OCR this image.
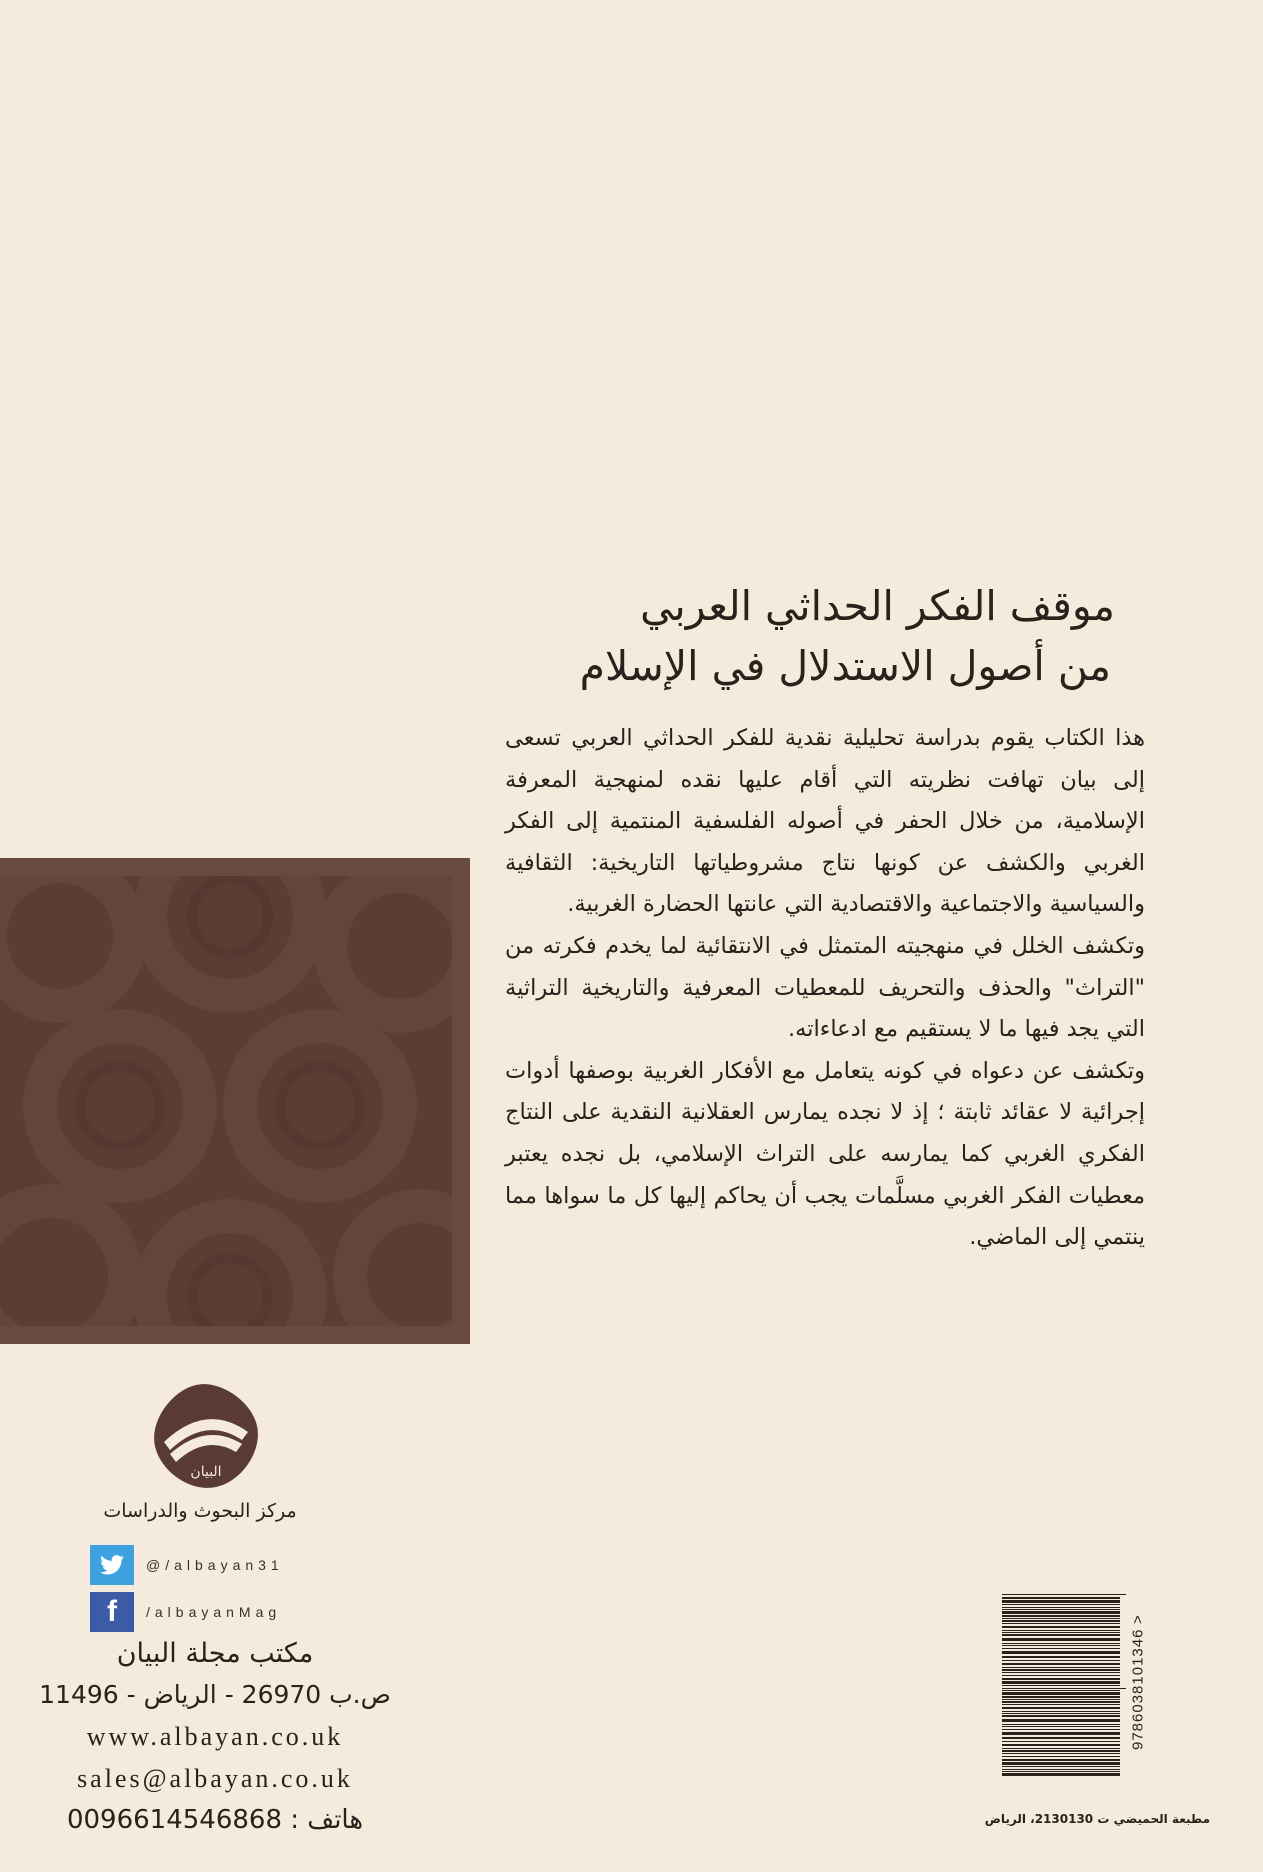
موقف الفكر الحداثي العربي
من أصول الاستدلال في الإسلام

هذا الكتاب يقوم بدراسة تحليلية نقدية للفكر الحداثي العربي تسعى إلى بيان تهافت نظريته التي أقام عليها نقده لمنهجية المعرفة الإسلامية، من خلال الحفر في أصوله الفلسفية المنتمية إلى الفكر الغربي والكشف عن كونها نتاج مشروطياتها التاريخية: الثقافية والسياسية والاجتماعية والاقتصادية التي عانتها الحضارة الغربية.

وتكشف الخلل في منهجيته المتمثل في الانتقائية لما يخدم فكرته من "التراث" والحذف والتحريف للمعطيات المعرفية والتاريخية التراثية التي يجد فيها ما لا يستقيم مع ادعاءاته.

وتكشف عن دعواه في كونه يتعامل مع الأفكار الغربية بوصفها أدوات إجرائية لا عقائد ثابتة ؛ إذ لا نجده يمارس العقلانية النقدية على النتاج الفكري الغربي كما يمارسه على التراث الإسلامي، بل نجده يعتبر معطيات الفكر الغربي مسلَّمات يجب أن يحاكم إليها كل ما سواها مما ينتمي إلى الماضي.

البيان
مركز البحوث والدراسات
@/albayan31
f	/albayanMag
مكتب مجلة البيان
ص.ب 26970 - الرياض - 11496
www.albayan.co.uk
sales@albayan.co.uk
هاتف : 0096614546868
9786038101346
>
مطبعة الحميضي ت 2130130، الرياض
